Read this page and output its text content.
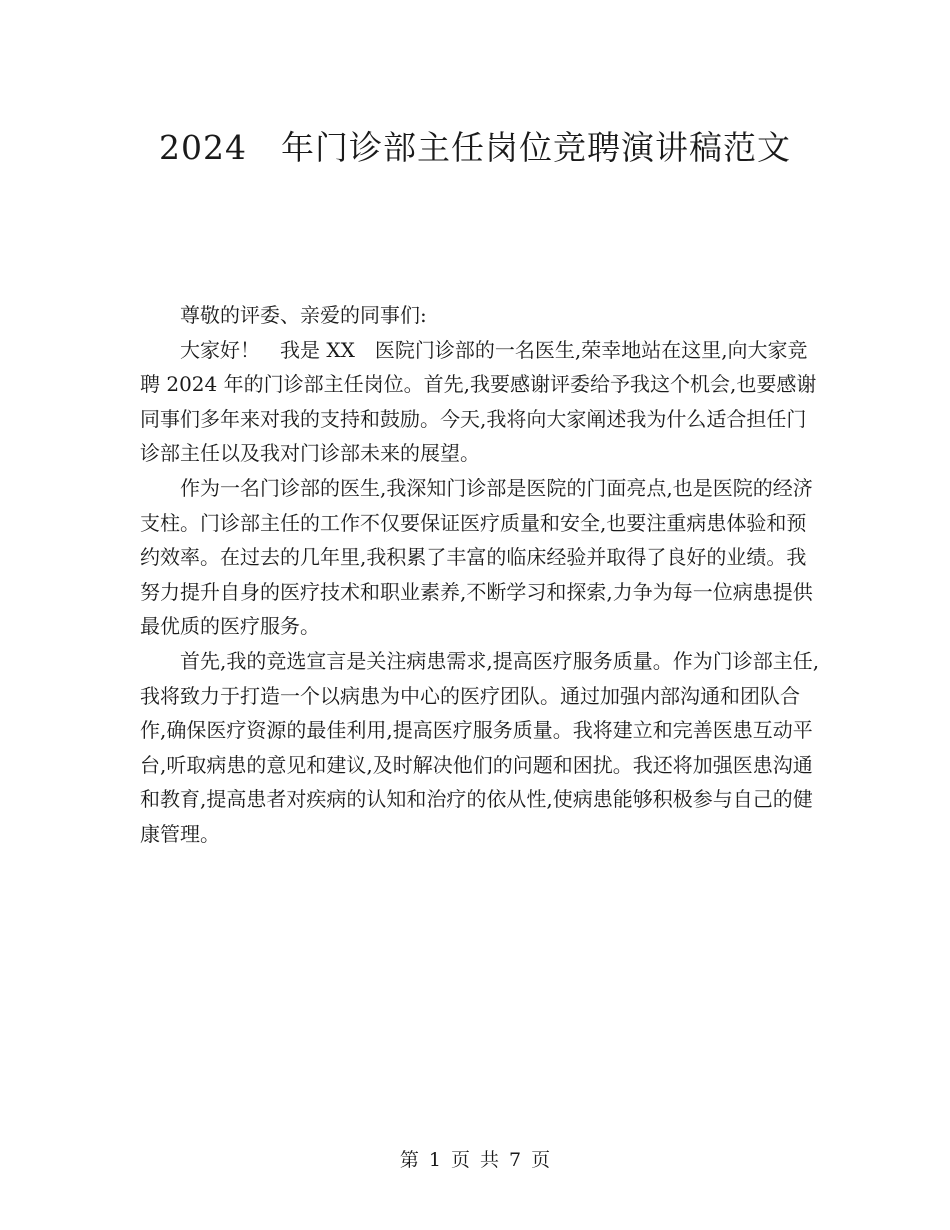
2024　年门诊部主任岗位竞聘演讲稿范文

尊敬的评委、亲爱的同事们:

大家好！　我是 XX　医院门诊部的一名医生,荣幸地站在这里,向大家竞聘 2024 年的门诊部主任岗位。首先,我要感谢评委给予我这个机会,也要感谢同事们多年来对我的支持和鼓励。今天,我将向大家阐述我为什么适合担任门诊部主任以及我对门诊部未来的展望。

作为一名门诊部的医生,我深知门诊部是医院的门面亮点,也是医院的经济支柱。门诊部主任的工作不仅要保证医疗质量和安全,也要注重病患体验和预约效率。在过去的几年里,我积累了丰富的临床经验并取得了良好的业绩。我努力提升自身的医疗技术和职业素养,不断学习和探索,力争为每一位病患提供最优质的医疗服务。

首先,我的竞选宣言是关注病患需求,提高医疗服务质量。作为门诊部主任,我将致力于打造一个以病患为中心的医疗团队。通过加强内部沟通和团队合作,确保医疗资源的最佳利用,提高医疗服务质量。我将建立和完善医患互动平台,听取病患的意见和建议,及时解决他们的问题和困扰。我还将加强医患沟通和教育,提高患者对疾病的认知和治疗的依从性,使病患能够积极参与自己的健康管理。

第 1 页 共 7 页
